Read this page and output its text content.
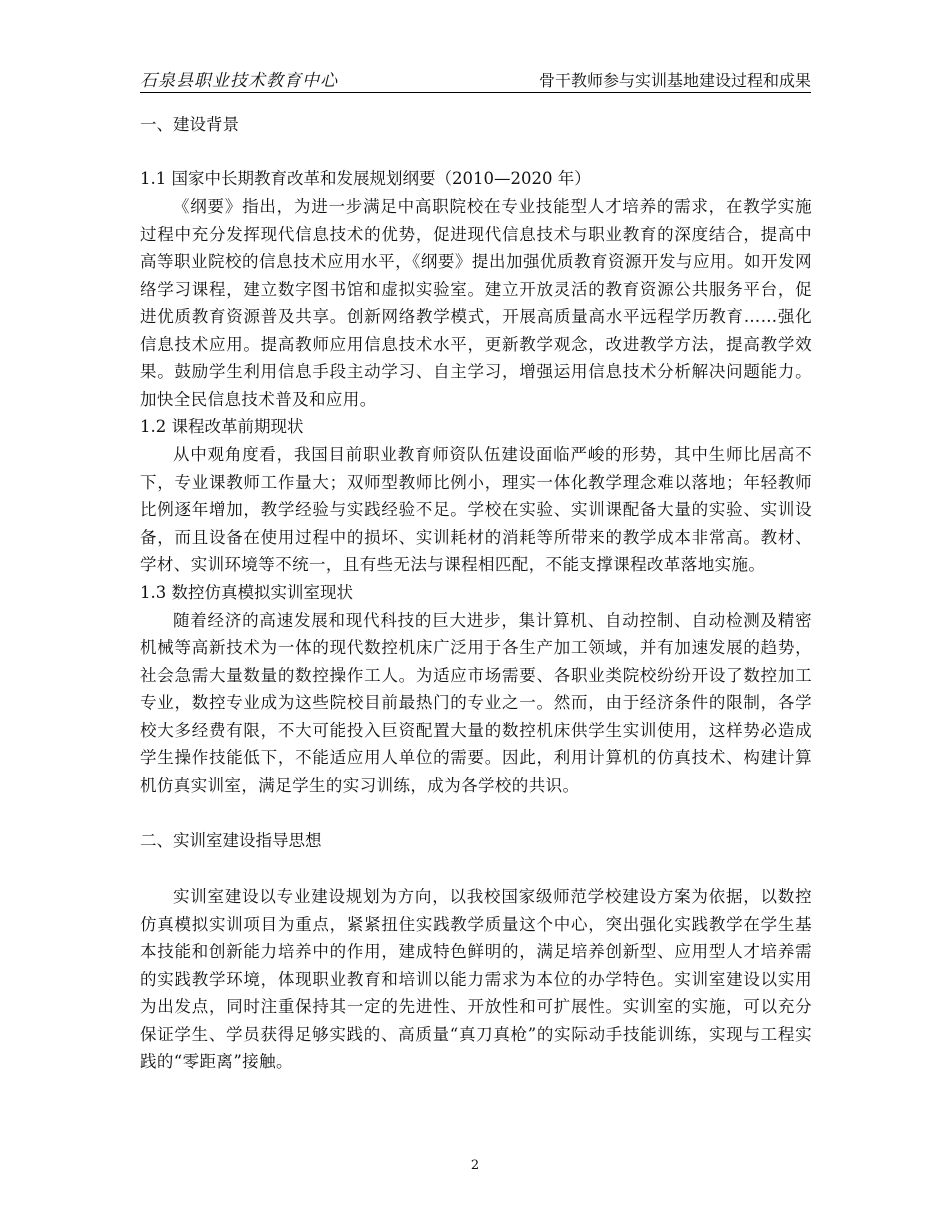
石泉县职业技术教育中心	骨干教师参与实训基地建设过程和成果

一、建设背景

1.1 国家中长期教育改革和发展规划纲要（2010—2020 年）

《纲要》指出，为进一步满足中高职院校在专业技能型人才培养的需求，在教学实施过程中充分发挥现代信息技术的优势，促进现代信息技术与职业教育的深度结合，提高中高等职业院校的信息技术应用水平，《纲要》提出加强优质教育资源开发与应用。如开发网络学习课程，建立数字图书馆和虚拟实验室。建立开放灵活的教育资源公共服务平台，促进优质教育资源普及共享。创新网络教学模式，开展高质量高水平远程学历教育……强化信息技术应用。提高教师应用信息技术水平，更新教学观念，改进教学方法，提高教学效果。鼓励学生利用信息手段主动学习、自主学习，增强运用信息技术分析解决问题能力。加快全民信息技术普及和应用。

1.2 课程改革前期现状

从中观角度看，我国目前职业教育师资队伍建设面临严峻的形势，其中生师比居高不下，专业课教师工作量大；双师型教师比例小，理实一体化教学理念难以落地；年轻教师比例逐年增加，教学经验与实践经验不足。学校在实验、实训课配备大量的实验、实训设备，而且设备在使用过程中的损坏、实训耗材的消耗等所带来的教学成本非常高。教材、学材、实训环境等不统一，且有些无法与课程相匹配，不能支撑课程改革落地实施。

1.3 数控仿真模拟实训室现状

随着经济的高速发展和现代科技的巨大进步，集计算机、自动控制、自动检测及精密机械等高新技术为一体的现代数控机床广泛用于各生产加工领域，并有加速发展的趋势，社会急需大量数量的数控操作工人。为适应市场需要、各职业类院校纷纷开设了数控加工专业，数控专业成为这些院校目前最热门的专业之一。然而，由于经济条件的限制，各学校大多经费有限，不大可能投入巨资配置大量的数控机床供学生实训使用，这样势必造成学生操作技能低下，不能适应用人单位的需要。因此，利用计算机的仿真技术、构建计算机仿真实训室，满足学生的实习训练，成为各学校的共识。

二、实训室建设指导思想

实训室建设以专业建设规划为方向，以我校国家级师范学校建设方案为依据，以数控仿真模拟实训项目为重点，紧紧扭住实践教学质量这个中心，突出强化实践教学在学生基本技能和创新能力培养中的作用，建成特色鲜明的，满足培养创新型、应用型人才培养需的实践教学环境，体现职业教育和培训以能力需求为本位的办学特色。实训室建设以实用为出发点，同时注重保持其一定的先进性、开放性和可扩展性。实训室的实施，可以充分保证学生、学员获得足够实践的、高质量“真刀真枪”的实际动手技能训练，实现与工程实践的“零距离”接触。

2
